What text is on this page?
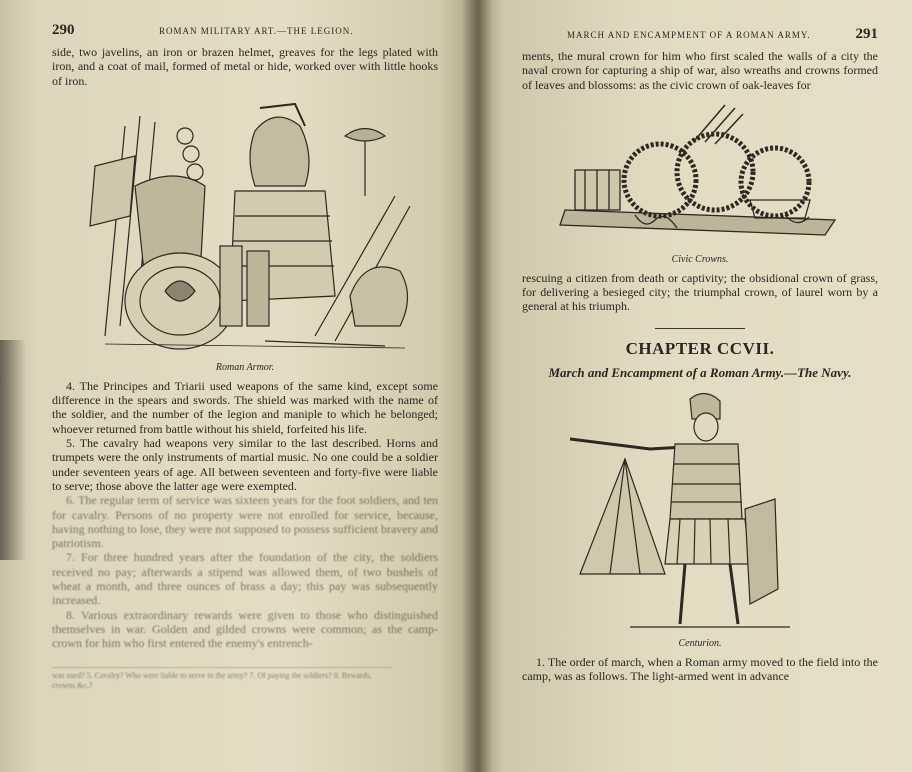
290	ROMAN MILITARY ART.—THE LEGION.

side, two javelins, an iron or brazen helmet, greaves for the legs plated with iron, and a coat of mail, formed of metal or hide, worked over with little hooks of iron.

Roman Armor.

4. The Principes and Triarii used weapons of the same kind, except some difference in the spears and swords. The shield was marked with the name of the soldier, and the number of the legion and maniple to which he belonged; whoever returned from battle without his shield, forfeited his life.

5. The cavalry had weapons very similar to the last described. Horns and trumpets were the only instruments of martial music. No one could be a soldier under seventeen years of age. All between seventeen and forty-five were liable to serve; those above the latter age were exempted.

6. The regular term of service was sixteen years for the foot soldiers, and ten for cavalry. Persons of no property were not enrolled for service, because, having nothing to lose, they were not supposed to possess sufficient bravery and patriotism.

7. For three hundred years after the foundation of the city, the soldiers received no pay; afterwards a stipend was allowed them, of two bushels of wheat a month, and three ounces of brass a day; this pay was subsequently increased.

8. Various extraordinary rewards were given to those who distinguished themselves in war. Golden and gilded crowns were common; as the camp-crown for him who first entered the enemy's entrench-

was used? 5. Cavalry? Who were liable to serve in the army? 7. Of paying the soldiers? 8. Rewards, crowns &c.?
MARCH AND ENCAMPMENT OF A ROMAN ARMY.	291

ments, the mural crown for him who first scaled the walls of a city the naval crown for capturing a ship of war, also wreaths and crowns formed of leaves and blossoms: as the civic crown of oak-leaves for

Civic Crowns.

rescuing a citizen from death or captivity; the obsidional crown of grass, for delivering a besieged city; the triumphal crown, of laurel worn by a general at his triumph.

CHAPTER CCVII.

March and Encampment of a Roman Army.—The Navy.

Centurion.

1. The order of march, when a Roman army moved to the field into the camp, was as follows. The light-armed went in advance
